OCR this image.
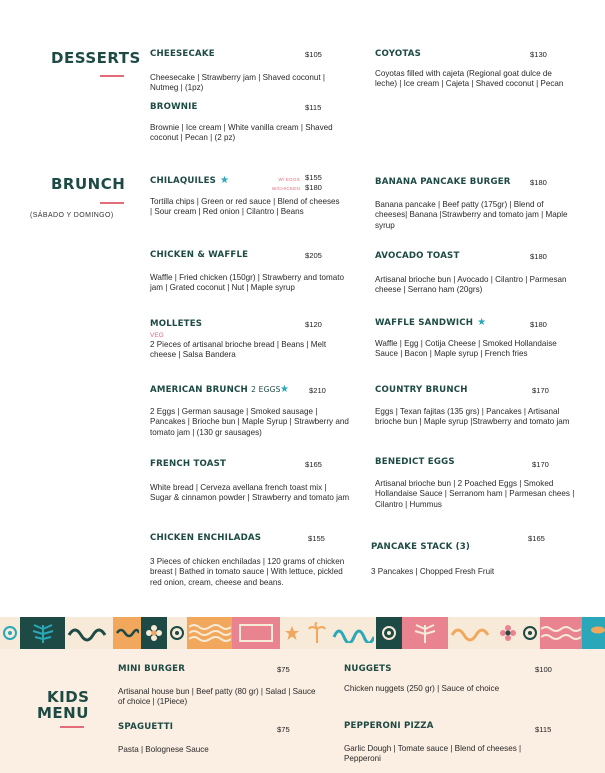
DESSERTS CHEESECAKE	$105
Cheesecake | Strawberry jam | Shaved coconut | Nutmeg | (1pz)
BROWNIE	$115
Brownie | Ice cream | White vanilla cream | Shaved coconut | Pecan | (2 pz)
COYOTAS	$130
Coyotas filled with cajeta (Regional goat dulce de leche) | Ice cream | Cajeta | Shaved coconut | Pecan
BRUNCH
(SÁBADO Y DOMINGO)
CHILAQUILES ★	W/ EGGS $155
W/CHICKEN $180
Tortilla chips | Green or red sauce | Blend of cheeses | Sour cream | Red onion | Cilantro | Beans
CHICKEN & WAFFLE	$205
Waffle | Fried chicken (150gr) | Strawberry and tomato jam | Grated coconut | Nut | Maple syrup
MOLLETES	$120
VEG
2 Pieces of artisanal brioche bread | Beans | Melt cheese | Salsa Bandera
AMERICAN BRUNCH 2 EGGS ★	$210
2 Eggs | German sausage | Smoked sausage | Pancakes | Brioche bun | Maple Syrup | Strawberry and tomato jam | (130 gr sausages)
FRENCH TOAST	$165
White bread | Cerveza avellana french toast mix | Sugar & cinnamon powder | Strawberry and tomato jam
CHICKEN ENCHILADAS	$155
3 Pieces of chicken enchiladas | 120 grams of chicken breast | Bathed in tomato sauce | With lettuce, pickled red onion, cream, cheese and beans.
BANANA PANCAKE BURGER	$180
Banana pancake | Beef patty (175gr) | Blend of cheeses| Banana |Strawberry and tomato jam | Maple syrup
AVOCADO TOAST	$180
Artisanal brioche bun | Avocado | Cilantro | Parmesan cheese | Serrano ham (20grs)
WAFFLE SANDWICH ★	$180
Waffle | Egg | Cotija Cheese | Smoked Hollandaise Sauce | Bacon | Maple syrup | French fries
COUNTRY BRUNCH	$170
Eggs | Texan fajitas (135 grs) | Pancakes | Artisanal brioche bun | Maple syrup |Strawberry and tomato jam
BENEDICT EGGS	$170
Artisanal brioche bun | 2 Poached Eggs | Smoked Hollandaise Sauce | Serranom ham | Parmesan chees | Cilantro | Hummus
PANCAKE STACK (3)
$165
3 Pancakes | Chopped Fresh Fruit
KIDS
MENU
MINI BURGER	$75
Artisanal house bun | Beef patty (80 gr) | Salad | Sauce of choice | (1Piece)
SPAGUETTI	$75
Pasta | Bolognese Sauce
NUGGETS	$100
Chicken nuggets (250 gr) | Sauce of choice
PEPPERONI PIZZA	$115
Garlic Dough | Tomate sauce | Blend of cheeses | Pepperoni
